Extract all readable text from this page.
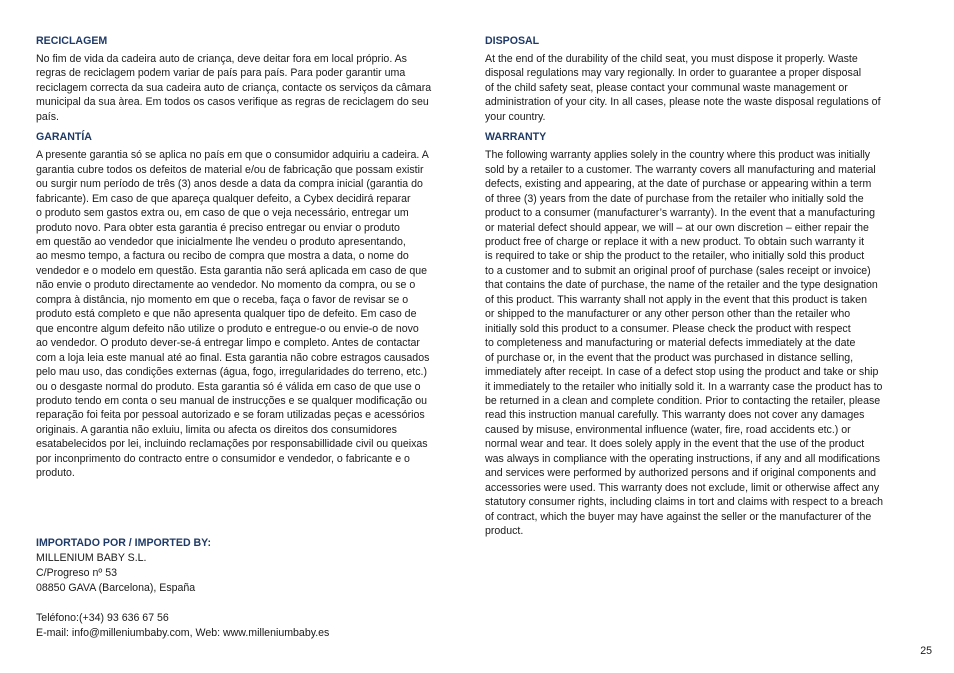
RECICLAGEM

No fim de vida da cadeira auto de criança, deve deitar fora em local próprio. As
regras de reciclagem podem variar de país para país. Para poder garantir uma
reciclagem correcta da sua cadeira auto de criança, contacte os serviços da câmara
municipal da sua àrea. Em todos os casos verifique as regras de reciclagem do seu
país.

GARANTÍA

A presente garantia só se aplica no país em que o consumidor adquiriu a cadeira. A
garantia cubre todos os defeitos de material e/ou de fabricação que possam existir
ou surgir num período de três (3) anos desde a data da compra inicial (garantia do
fabricante). Em caso de que apareça qualquer defeito, a Cybex decidirá reparar
o produto sem gastos extra ou, em caso de que o veja necessário, entregar um
produto novo. Para obter esta garantia é preciso entregar ou enviar o produto
em questão ao vendedor que inicialmente lhe vendeu o produto apresentando,
ao mesmo tempo, a factura ou recibo de compra que mostra a data, o nome do
vendedor e o modelo em questão. Esta garantia não será aplicada em caso de que
não envie o produto directamente ao vendedor. No momento da compra, ou se o
compra à distância, njo momento em que o receba, faça o favor de revisar se o
produto está completo e que não apresenta qualquer tipo de defeito. Em caso de
que encontre algum defeito não utilize o produto e entregue-o ou envie-o de novo
ao vendedor. O produto dever-se-á entregar limpo e completo. Antes de contactar
com a loja leia este manual até ao final. Esta garantia não cobre estragos causados
pelo mau uso, das condições externas (água, fogo, irregularidades do terreno, etc.)
ou o desgaste normal do produto. Esta garantia só é válida em caso de que use o
produto tendo em conta o seu manual de instrucções e se qualquer modificação ou
reparação foi feita por pessoal autorizado e se foram utilizadas peças e acessórios
originais. A garantia não exluiu, limita ou afecta os direitos dos consumidores
esatabelecidos por lei, incluindo reclamações por responsabillidade civil ou queixas
por inconprimento do contracto entre o consumidor e vendedor, o fabricante e o
produto.

IMPORTADO POR / IMPORTED BY:

MILLENIUM BABY S.L.

C/Progreso nº 53

08850 GAVA (Barcelona), España

Teléfono:(+34) 93 636 67 56

E-mail: info@milleniumbaby.com, Web: www.milleniumbaby.es

DISPOSAL

At the end of the durability of the child seat, you must dispose it properly. Waste
disposal regulations may vary regionally. In order to guarantee a proper disposal
of the child safety seat, please contact your communal waste management or
administration of your city. In all cases, please note the waste disposal regulations of
your country.

WARRANTY

The following warranty applies solely in the country where this product was initially
sold by a retailer to a customer. The warranty covers all manufacturing and material
defects, existing and appearing, at the date of purchase or appearing within a term
of three (3) years from the date of purchase from the retailer who initially sold the
product to a consumer (manufacturer’s warranty). In the event that a manufacturing
or material defect should appear, we will – at our own discretion – either repair the
product free of charge or replace it with a new product. To obtain such warranty it
is required to take or ship the product to the retailer, who initially sold this product
to a customer and to submit an original proof of purchase (sales receipt or invoice)
that contains the date of purchase, the name of the retailer and the type designation
of this product. This warranty shall not apply in the event that this product is taken
or shipped to the manufacturer or any other person other than the retailer who
initially sold this product to a consumer. Please check the product with respect
to completeness and manufacturing or material defects immediately at the date
of purchase or, in the event that the product was purchased in distance selling,
immediately after receipt. In case of a defect stop using the product and take or ship
it immediately to the retailer who initially sold it. In a warranty case the product has to
be returned in a clean and complete condition. Prior to contacting the retailer, please
read this instruction manual carefully. This warranty does not cover any damages
caused by misuse, environmental influence (water, fire, road accidents etc.) or
normal wear and tear. It does solely apply in the event that the use of the product
was always in compliance with the operating instructions, if any and all modifications
and services were performed by authorized persons and if original components and
accessories were used. This warranty does not exclude, limit or otherwise affect any
statutory consumer rights, including claims in tort and claims with respect to a breach
of contract, which the buyer may have against the seller or the manufacturer of the
product.

25
